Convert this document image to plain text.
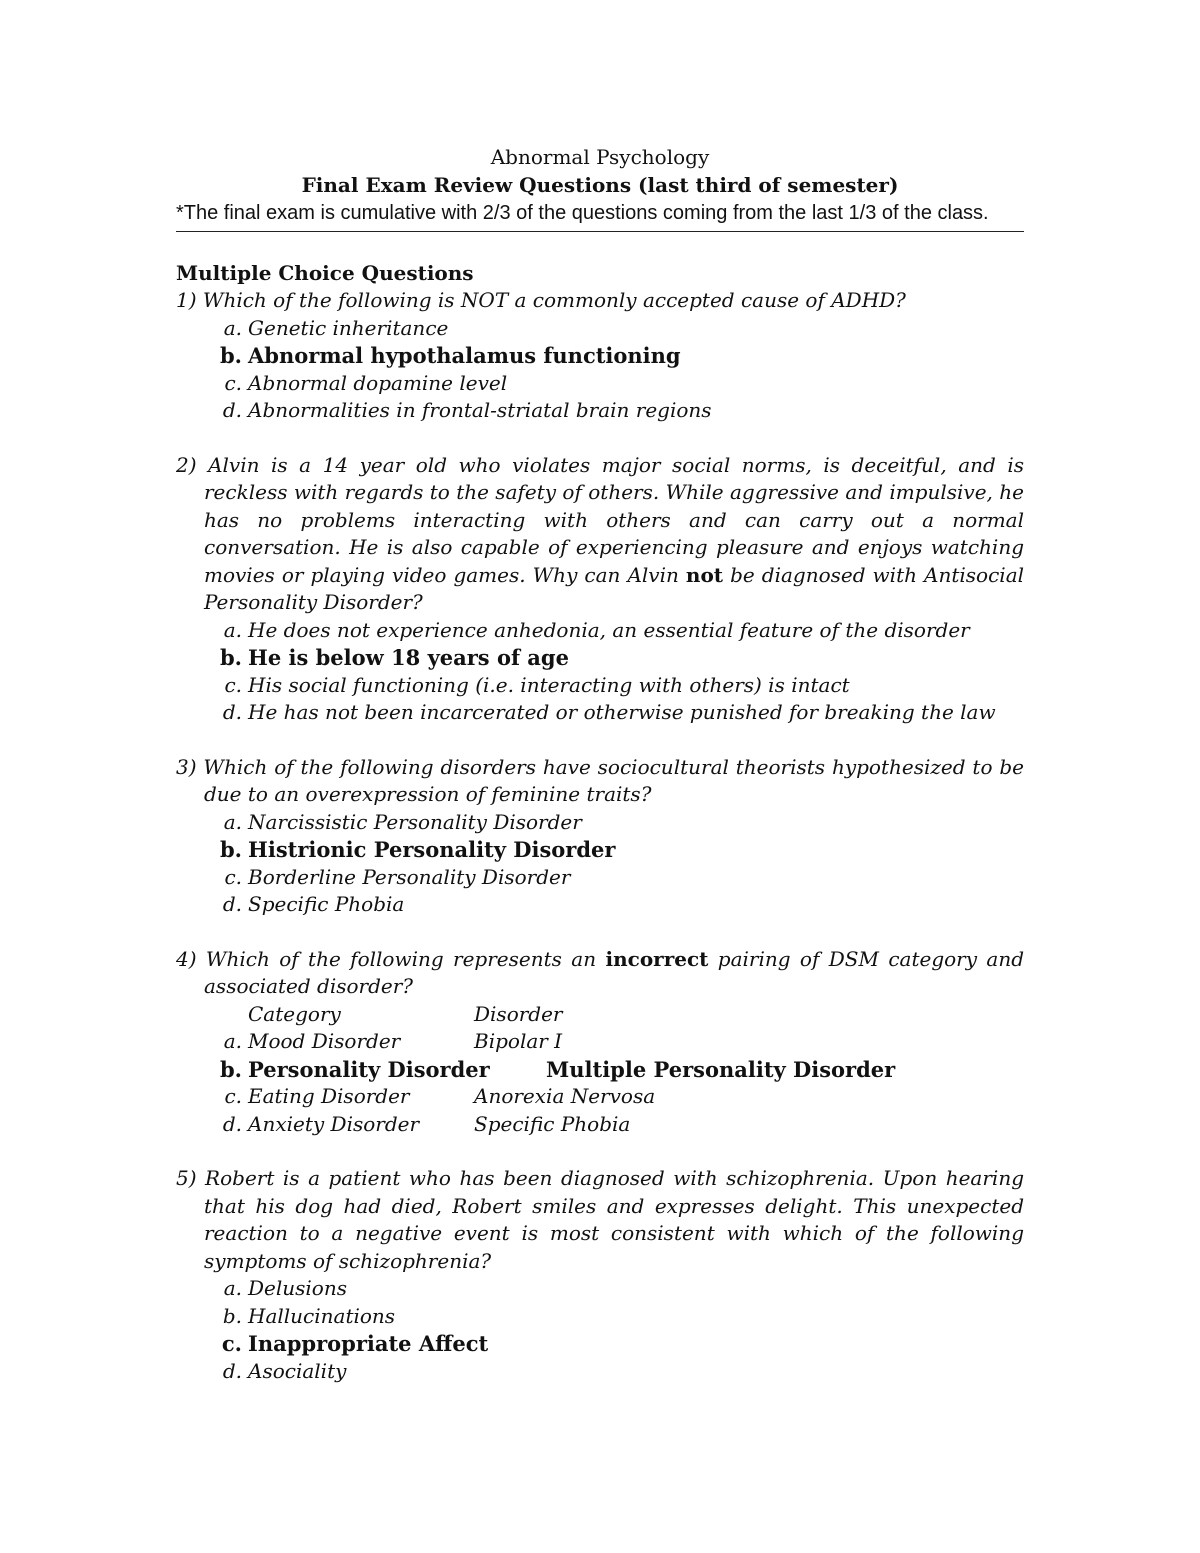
Abnormal Psychology

Final Exam Review Questions (last third of semester)

*The final exam is cumulative with 2/3 of the questions coming from the last 1/3 of the class.

Multiple Choice Questions

1) Which of the following is NOT a commonly accepted cause of ADHD?

a. Genetic inheritance
b. Abnormal hypothalamus functioning
c. Abnormal dopamine level
d. Abnormalities in frontal-striatal brain regions

2) Alvin is a 14 year old who violates major social norms, is deceitful, and is reckless with regards to the safety of others. While aggressive and impulsive, he has no problems interacting with others and can carry out a normal conversation. He is also capable of experiencing pleasure and enjoys watching movies or playing video games. Why can Alvin not be diagnosed with Antisocial Personality Disorder?

a. He does not experience anhedonia, an essential feature of the disorder
b. He is below 18 years of age
c. His social functioning (i.e. interacting with others) is intact
d. He has not been incarcerated or otherwise punished for breaking the law

3) Which of the following disorders have sociocultural theorists hypothesized to be due to an overexpression of feminine traits?

a. Narcissistic Personality Disorder
b. Histrionic Personality Disorder
c. Borderline Personality Disorder
d. Specific Phobia

4) Which of the following represents an incorrect pairing of DSM category and associated disorder?

Category	Disorder
a. Mood Disorder	Bipolar I
b. Personality Disorder	Multiple Personality Disorder
c. Eating Disorder	Anorexia Nervosa
d. Anxiety Disorder	Specific Phobia

5) Robert is a patient who has been diagnosed with schizophrenia. Upon hearing that his dog had died, Robert smiles and expresses delight. This unexpected reaction to a negative event is most consistent with which of the following symptoms of schizophrenia?

a. Delusions
b. Hallucinations
c. Inappropriate Affect
d. Asociality
